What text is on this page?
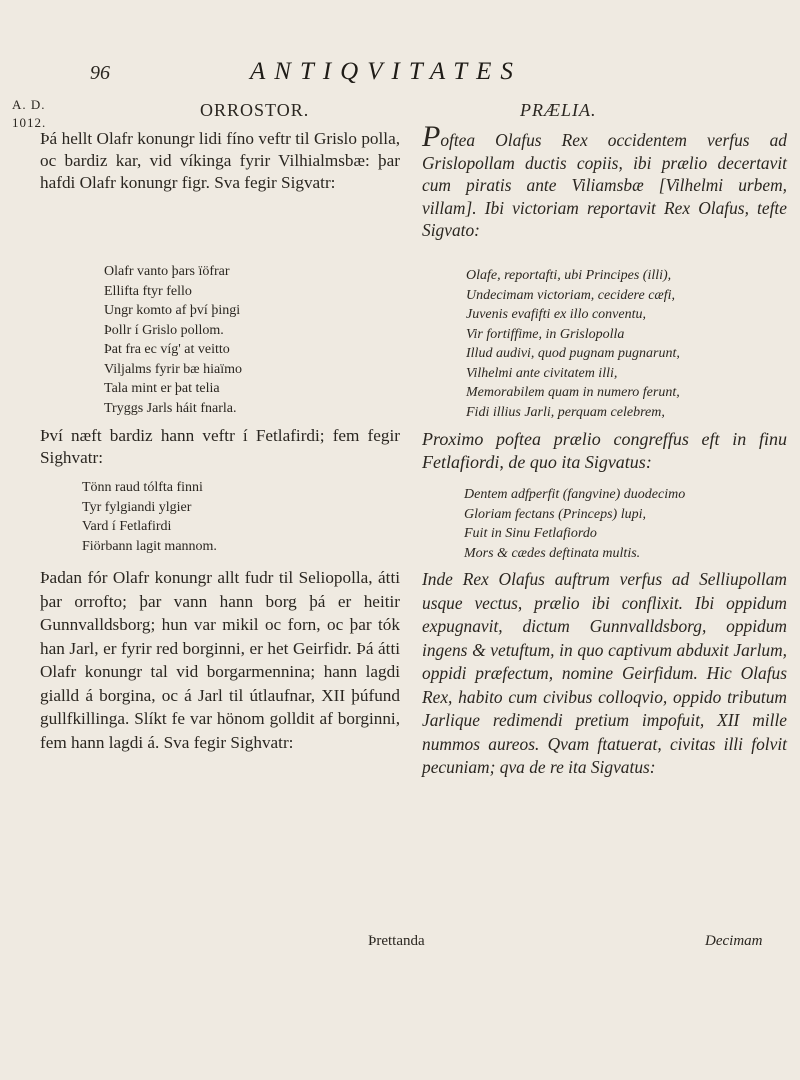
96	ANTIQVITATES
A. D.
1012.
ORROSTOR.	PRÆLIA.

Þá hellt Olafr konungr lidi fíno veftr til Grislo polla, oc bardiz kar, vid víkinga fyrir Vilhialmsbæ: þar hafdi Olafr konungr figr. Sva fegir Sigvatr:

Olafr vanto þars ïöfrar
Ellifta ftyr fello
Ungr komto af því þingi
Þollr í Grislo pollom.
Þat fra ec víg' at veitto
Viljalms fyrir bæ hiaïmo
Tala mint er þat telia
Tryggs Jarls háit fnarla.

Því næft bardiz hann veftr í Fetlafirdi; fem fegir Sighvatr:

Tönn raud tólfta finni
Tyr fylgiandi ylgier
Vard í Fetlafirdi
Fiörbann lagit mannom.

Þadan fór Olafr konungr allt fudr til Seliopolla, átti þar orrofto; þar vann hann borg þá er heitir Gunnvalldsborg; hun var mikil oc forn, oc þar tók han Jarl, er fyrir red borginni, er het Geirfidr. Þá átti Olafr konungr tal vid borgarmennina; hann lagdi gialld á borgina, oc á Jarl til útlaufnar, XII þúfund gullfkillinga. Slíkt fe var hönom golldit af borginni, fem hann lagdi á. Sva fegir Sighvatr:

Poftea Olafus Rex occidentem verfus ad Grislopollam ductis copiis, ibi prælio decertavit cum piratis ante Viliamsbæ [Vilhelmi urbem, villam]. Ibi victoriam reportavit Rex Olafus, tefte Sigvato:

Olafe, reportafti, ubi Principes (illi),
Undecimam victoriam, cecidere cæfi,
Juvenis evafifti ex illo conventu,
Vir fortiffime, in Grislopolla
Illud audivi, quod pugnam pugnarunt,
Vilhelmi ante civitatem illi,
Memorabilem quam in numero ferunt,
Fidi illius Jarli, perquam celebrem,

Proximo poftea prælio congreffus eft in finu Fetlafiordi, de quo ita Sigvatus:

Dentem adfperfit (fangvine) duodecimo
Gloriam fectans (Princeps) lupi,
Fuit in Sinu Fetlafiordo
Mors & cædes deftinata multis.

Inde Rex Olafus auftrum verfus ad Selliupollam usque vectus, prælio ibi conflixit. Ibi oppidum expugnavit, dictum Gunnvalldsborg, oppidum ingens & vetuftum, in quo captivum abduxit Jarlum, oppidi præfectum, nomine Geirfidum. Hic Olafus Rex, habito cum civibus colloqvio, oppido tributum Jarlique redimendi pretium impofuit, XII mille nummos aureos. Qvam ftatuerat, civitas illi folvit pecuniam; qva de re ita Sigvatus:

Þrettanda	Decimam
